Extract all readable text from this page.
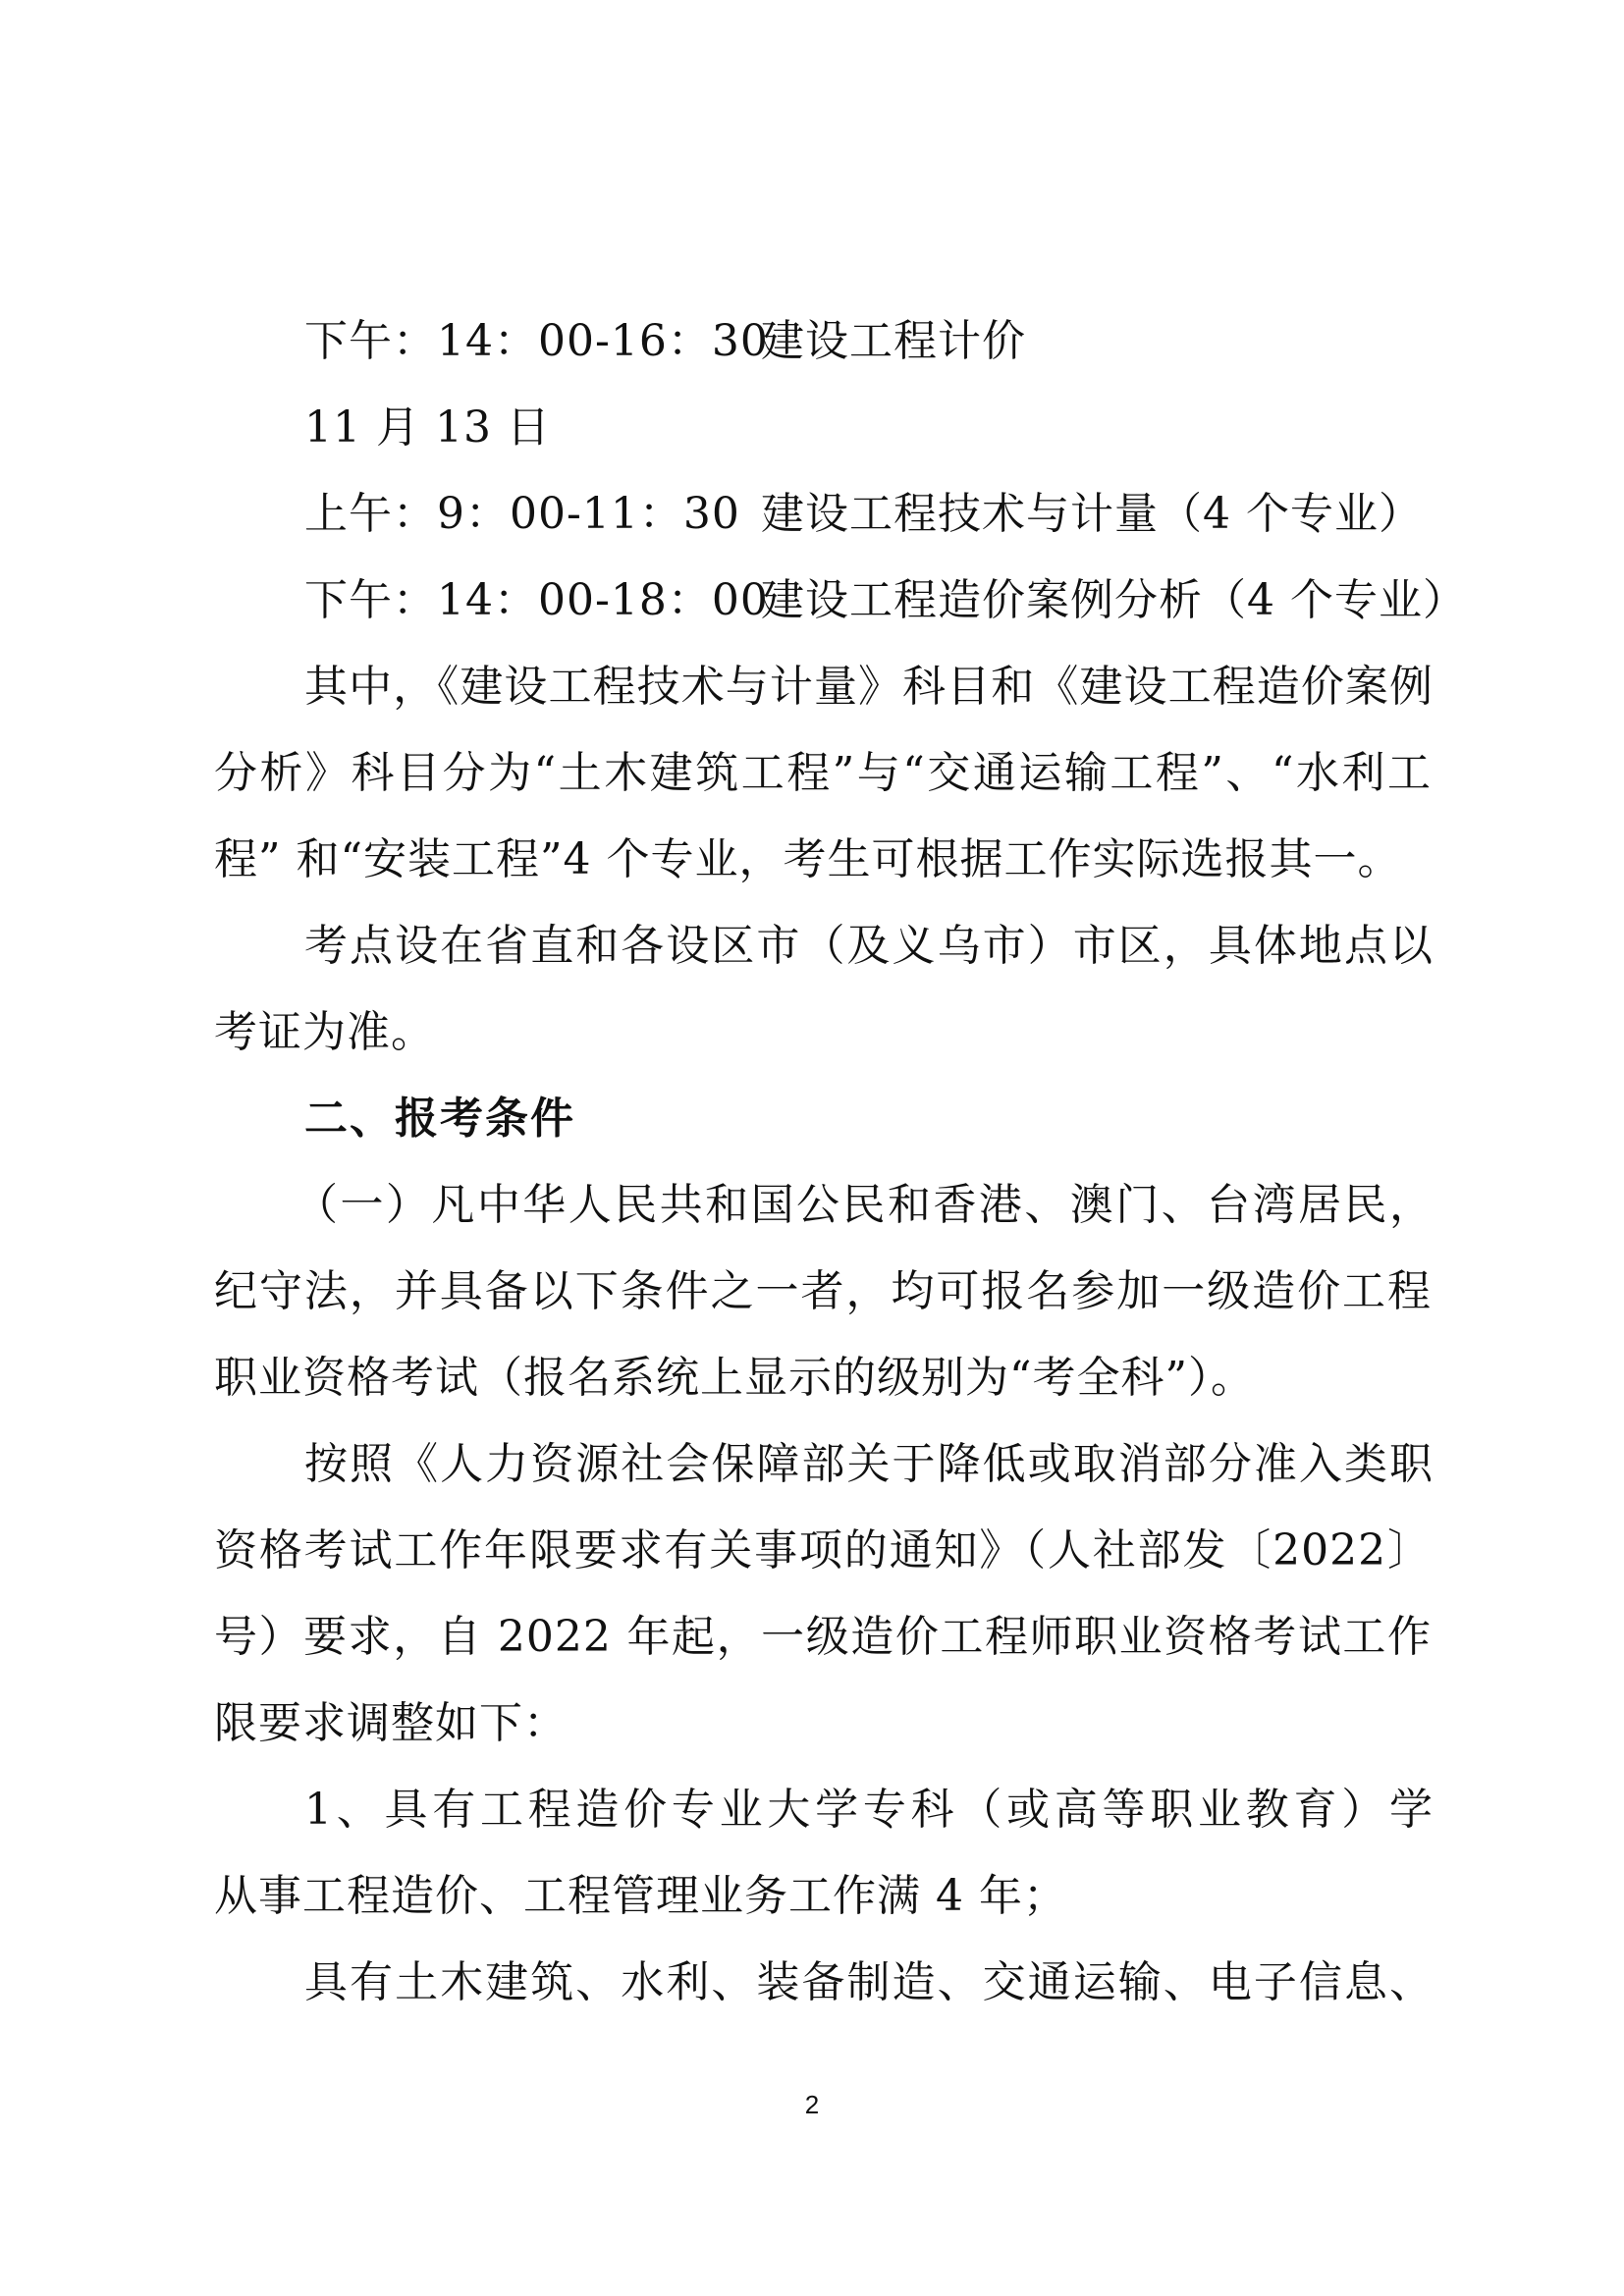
下午：14：00-16：30建设工程计价
11 月 13 日
上午：9：00-11：30 建设工程技术与计量（4 个专业）
下午：14：00-18：00建设工程造价案例分析（4 个专业）
其中，《建设工程技术与计量》科目和《建设工程造价案例
分析》科目分为“土木建筑工程”与“交通运输工程”、“水利工
程” 和“安装工程”4 个专业，考生可根据工作实际选报其一。
考点设在省直和各设区市（及义乌市）市区，具体地点以
考证为准。
二、报考条件
（一）凡中华人民共和国公民和香港、澳门、台湾居民，
纪守法，并具备以下条件之一者，均可报名参加一级造价工程
职业资格考试（报名系统上显示的级别为“考全科”）。
按照《人力资源社会保障部关于降低或取消部分准入类职
资格考试工作年限要求有关事项的通知》（人社部发〔2022〕
号）要求，自 2022 年起，一级造价工程师职业资格考试工作
限要求调整如下：
1、具有工程造价专业大学专科（或高等职业教育）学
从事工程造价、工程管理业务工作满 4 年；
具有土木建筑、水利、装备制造、交通运输、电子信息、
2
